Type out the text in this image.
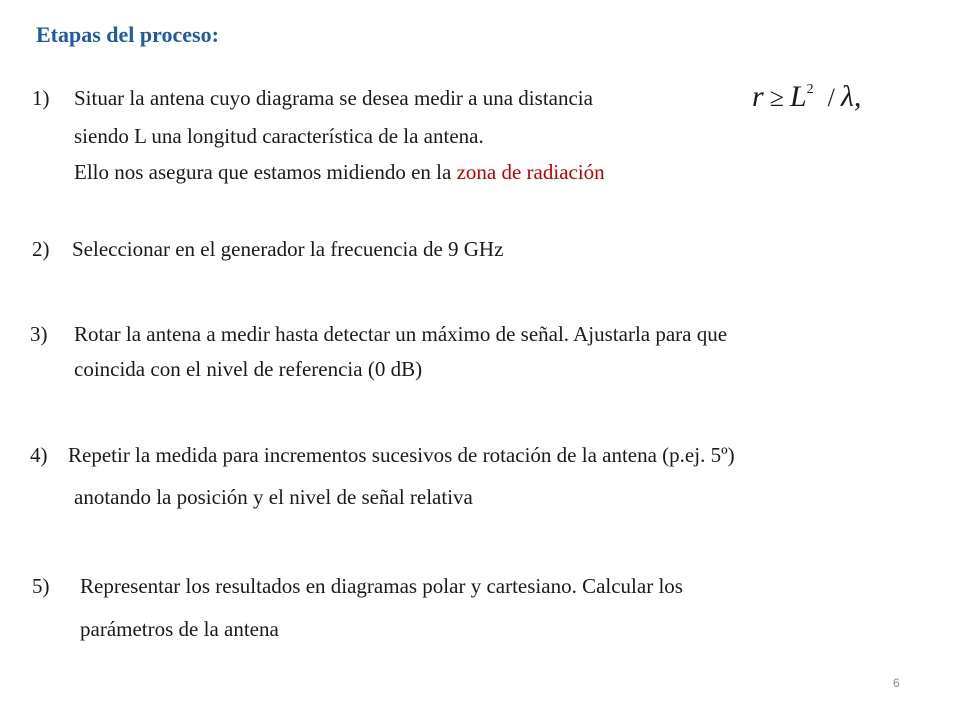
Etapas del proceso:
1) Situar la antena cuyo diagrama se desea medir a una distancia	$r \ge L^2 / \lambda$,
siendo L una longitud característica de la antena.
Ello nos asegura que estamos midiendo en la zona de radiación
2) Seleccionar en el generador la frecuencia de 9 GHz
3) Rotar la antena a medir hasta detectar un máximo de señal. Ajustarla para que
coincida con el nivel de referencia (0 dB)
4) Repetir la medida para incrementos sucesivos de rotación de la antena (p.ej. 5º)
anotando la posición y el nivel de señal relativa
5) Representar los resultados en diagramas polar y cartesiano. Calcular los
parámetros de la antena
6
